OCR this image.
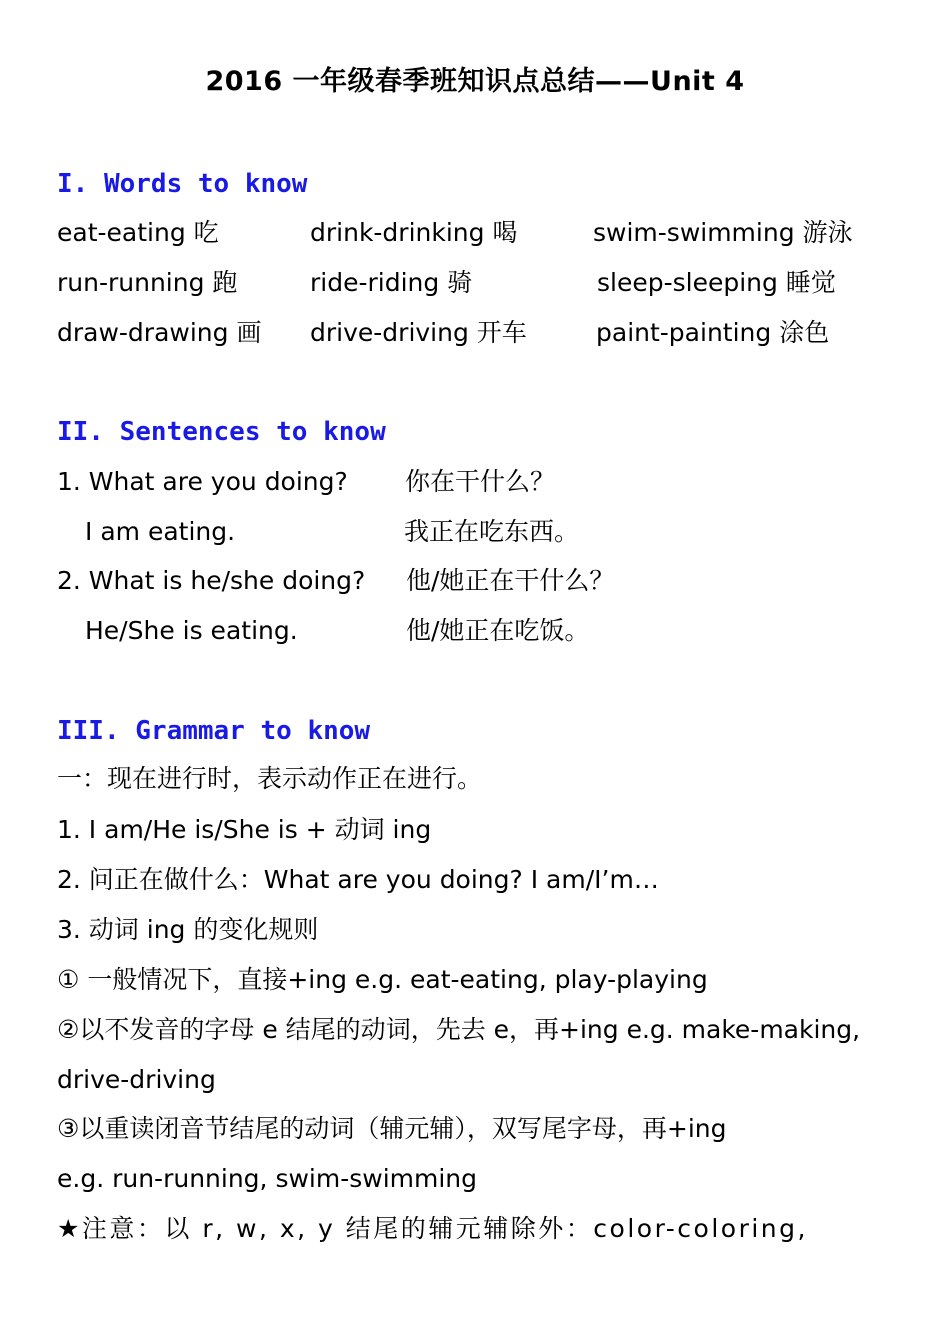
2016 一年级春季班知识点总结——Unit 4
I. Words to know
eat-eating 吃	drink-drinking 喝	swim-swimming 游泳
run-running 跑	ride-riding 骑	sleep-sleeping 睡觉
draw-drawing 画 drive-driving 开车	paint-painting 涂色
II. Sentences to know
1. What are you doing? 你在干什么？
I am eating.	我正在吃东西。
2. What is he/she doing? 他/她正在干什么？
He/She is eating.	他/她正在吃饭。
III. Grammar to know
一：现在进行时，表示动作正在进行。
1. I am/He is/She is + 动词 ing
2. 问正在做什么：What are you doing? I am/I’m…
3. 动词 ing 的变化规则
① 一般情况下，直接+ing e.g. eat-eating, play-playing
②以不发音的字母 e 结尾的动词，先去 e，再+ing e.g. make-making,
drive-driving
③以重读闭音节结尾的动词（辅元辅），双写尾字母，再+ing
e.g. run-running, swim-swimming
★注意：以 r, w, x, y 结尾的辅元辅除外：color-coloring,
